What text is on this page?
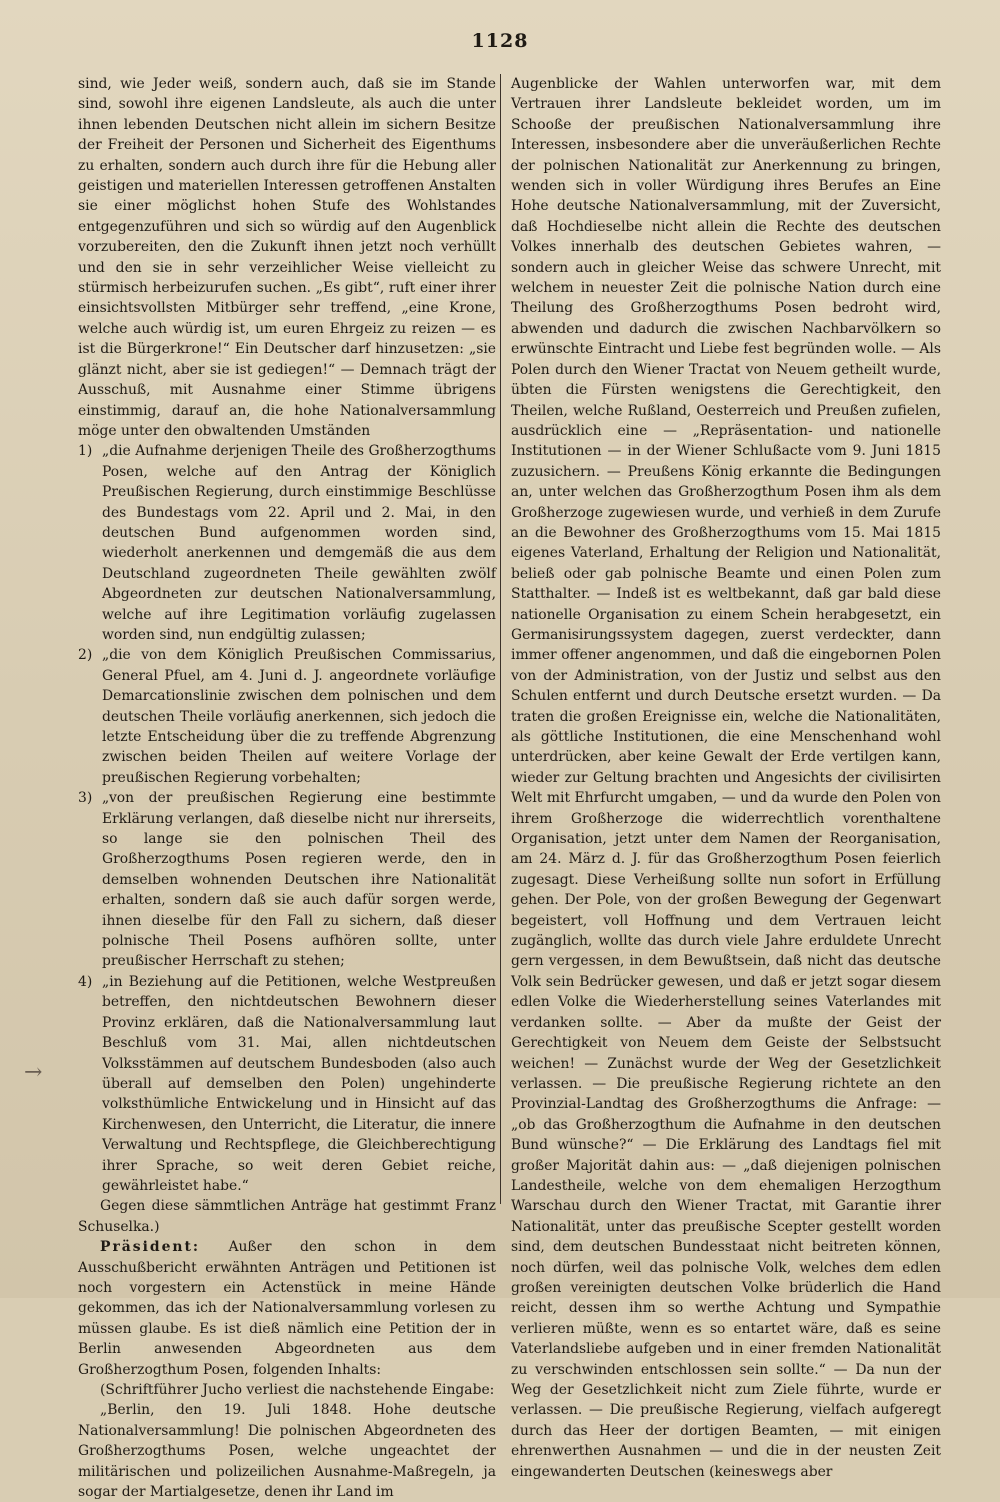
1128

sind, wie Jeder weiß, sondern auch, daß sie im Stande sind, sowohl ihre eigenen Landsleute, als auch die unter ihnen lebenden Deutschen nicht allein im sichern Besitze der Freiheit der Personen und Sicherheit des Eigenthums zu erhalten, sondern auch durch ihre für die Hebung aller geistigen und materiellen Interessen getroffenen Anstalten sie einer möglichst hohen Stufe des Wohlstandes entgegenzuführen und sich so würdig auf den Augenblick vorzubereiten, den die Zukunft ihnen jetzt noch verhüllt und den sie in sehr verzeihlicher Weise vielleicht zu stürmisch herbeizurufen suchen. „Es gibt“, ruft einer ihrer einsichtsvollsten Mitbürger sehr treffend, „eine Krone, welche auch würdig ist, um euren Ehrgeiz zu reizen — es ist die Bürgerkrone!“ Ein Deutscher darf hinzusetzen: „sie glänzt nicht, aber sie ist gediegen!“ — Demnach trägt der Ausschuß, mit Ausnahme einer Stimme übrigens einstimmig, darauf an, die hohe Nationalversammlung möge unter den obwaltenden Umständen

1) „die Aufnahme derjenigen Theile des Großherzogthums Posen, welche auf den Antrag der Königlich Preußischen Regierung, durch einstimmige Beschlüsse des Bundestags vom 22. April und 2. Mai, in den deutschen Bund aufgenommen worden sind, wiederholt anerkennen und demgemäß die aus dem Deutschland zugeordneten Theile gewählten zwölf Abgeordneten zur deutschen Nationalversammlung, welche auf ihre Legitimation vorläufig zugelassen worden sind, nun endgültig zulassen;
2) „die von dem Königlich Preußischen Commissarius, General Pfuel, am 4. Juni d. J. angeordnete vorläufige Demarcationslinie zwischen dem polnischen und dem deutschen Theile vorläufig anerkennen, sich jedoch die letzte Entscheidung über die zu treffende Abgrenzung zwischen beiden Theilen auf weitere Vorlage der preußischen Regierung vorbehalten;
3) „von der preußischen Regierung eine bestimmte Erklärung verlangen, daß dieselbe nicht nur ihrerseits, so lange sie den polnischen Theil des Großherzogthums Posen regieren werde, den in demselben wohnenden Deutschen ihre Nationalität erhalten, sondern daß sie auch dafür sorgen werde, ihnen dieselbe für den Fall zu sichern, daß dieser polnische Theil Posens aufhören sollte, unter preußischer Herrschaft zu stehen;
4) „in Beziehung auf die Petitionen, welche Westpreußen betreffen, den nichtdeutschen Bewohnern dieser Provinz erklären, daß die Nationalversammlung laut Beschluß vom 31. Mai, allen nichtdeutschen Volksstämmen auf deutschem Bundesboden (also auch überall auf demselben den Polen) ungehinderte volksthümliche Entwickelung und in Hinsicht auf das Kirchenwesen, den Unterricht, die Literatur, die innere Verwaltung und Rechtspflege, die Gleichberechtigung ihrer Sprache, so weit deren Gebiet reiche, gewährleistet habe.“

Gegen diese sämmtlichen Anträge hat gestimmt Franz Schuselka.)

Präsident: Außer den schon in dem Ausschußbericht erwähnten Anträgen und Petitionen ist noch vorgestern ein Actenstück in meine Hände gekommen, das ich der Nationalversammlung vorlesen zu müssen glaube. Es ist dieß nämlich eine Petition der in Berlin anwesenden Abgeordneten aus dem Großherzogthum Posen, folgenden Inhalts:

(Schriftführer Jucho verliest die nachstehende Eingabe:

„Berlin, den 19. Juli 1848. Hohe deutsche Nationalversammlung! Die polnischen Abgeordneten des Großherzogthums Posen, welche ungeachtet der militärischen und polizeilichen Ausnahme-Maßregeln, ja sogar der Martialgesetze, denen ihr Land im

Augenblicke der Wahlen unterworfen war, mit dem Vertrauen ihrer Landsleute bekleidet worden, um im Schooße der preußischen Nationalversammlung ihre Interessen, insbesondere aber die unveräußerlichen Rechte der polnischen Nationalität zur Anerkennung zu bringen, wenden sich in voller Würdigung ihres Berufes an Eine Hohe deutsche Nationalversammlung, mit der Zuversicht, daß Hochdieselbe nicht allein die Rechte des deutschen Volkes innerhalb des deutschen Gebietes wahren, — sondern auch in gleicher Weise das schwere Unrecht, mit welchem in neuester Zeit die polnische Nation durch eine Theilung des Großherzogthums Posen bedroht wird, abwenden und dadurch die zwischen Nachbarvölkern so erwünschte Eintracht und Liebe fest begründen wolle. — Als Polen durch den Wiener Tractat von Neuem getheilt wurde, übten die Fürsten wenigstens die Gerechtigkeit, den Theilen, welche Rußland, Oesterreich und Preußen zufielen, ausdrücklich eine — „Repräsentation- und nationelle Institutionen — in der Wiener Schlußacte vom 9. Juni 1815 zuzusichern. — Preußens König erkannte die Bedingungen an, unter welchen das Großherzogthum Posen ihm als dem Großherzoge zugewiesen wurde, und verhieß in dem Zurufe an die Bewohner des Großherzogthums vom 15. Mai 1815 eigenes Vaterland, Erhaltung der Religion und Nationalität, beließ oder gab polnische Beamte und einen Polen zum Statthalter. — Indeß ist es weltbekannt, daß gar bald diese nationelle Organisation zu einem Schein herabgesetzt, ein Germanisirungssystem dagegen, zuerst verdeckter, dann immer offener angenommen, und daß die eingebornen Polen von der Administration, von der Justiz und selbst aus den Schulen entfernt und durch Deutsche ersetzt wurden. — Da traten die großen Ereignisse ein, welche die Nationalitäten, als göttliche Institutionen, die eine Menschenhand wohl unterdrücken, aber keine Gewalt der Erde vertilgen kann, wieder zur Geltung brachten und Angesichts der civilisirten Welt mit Ehrfurcht umgaben, — und da wurde den Polen von ihrem Großherzoge die widerrechtlich vorenthaltene Organisation, jetzt unter dem Namen der Reorganisation, am 24. März d. J. für das Großherzogthum Posen feierlich zugesagt. Diese Verheißung sollte nun sofort in Erfüllung gehen. Der Pole, von der großen Bewegung der Gegenwart begeistert, voll Hoffnung und dem Vertrauen leicht zugänglich, wollte das durch viele Jahre erduldete Unrecht gern vergessen, in dem Bewußtsein, daß nicht das deutsche Volk sein Bedrücker gewesen, und daß er jetzt sogar diesem edlen Volke die Wiederherstellung seines Vaterlandes mit verdanken sollte. — Aber da mußte der Geist der Gerechtigkeit von Neuem dem Geiste der Selbstsucht weichen! — Zunächst wurde der Weg der Gesetzlichkeit verlassen. — Die preußische Regierung richtete an den Provinzial-Landtag des Großherzogthums die Anfrage: — „ob das Großherzogthum die Aufnahme in den deutschen Bund wünsche?“ — Die Erklärung des Landtags fiel mit großer Majorität dahin aus: — „daß diejenigen polnischen Landestheile, welche von dem ehemaligen Herzogthum Warschau durch den Wiener Tractat, mit Garantie ihrer Nationalität, unter das preußische Scepter gestellt worden sind, dem deutschen Bundesstaat nicht beitreten können, noch dürfen, weil das polnische Volk, welches dem edlen großen vereinigten deutschen Volke brüderlich die Hand reicht, dessen ihm so werthe Achtung und Sympathie verlieren müßte, wenn es so entartet wäre, daß es seine Vaterlandsliebe aufgeben und in einer fremden Nationalität zu verschwinden entschlossen sein sollte.“ — Da nun der Weg der Gesetzlichkeit nicht zum Ziele führte, wurde er verlassen. — Die preußische Regierung, vielfach aufgeregt durch das Heer der dortigen Beamten, — mit einigen ehrenwerthen Ausnahmen — und die in der neusten Zeit eingewanderten Deutschen (keineswegs aber

→
